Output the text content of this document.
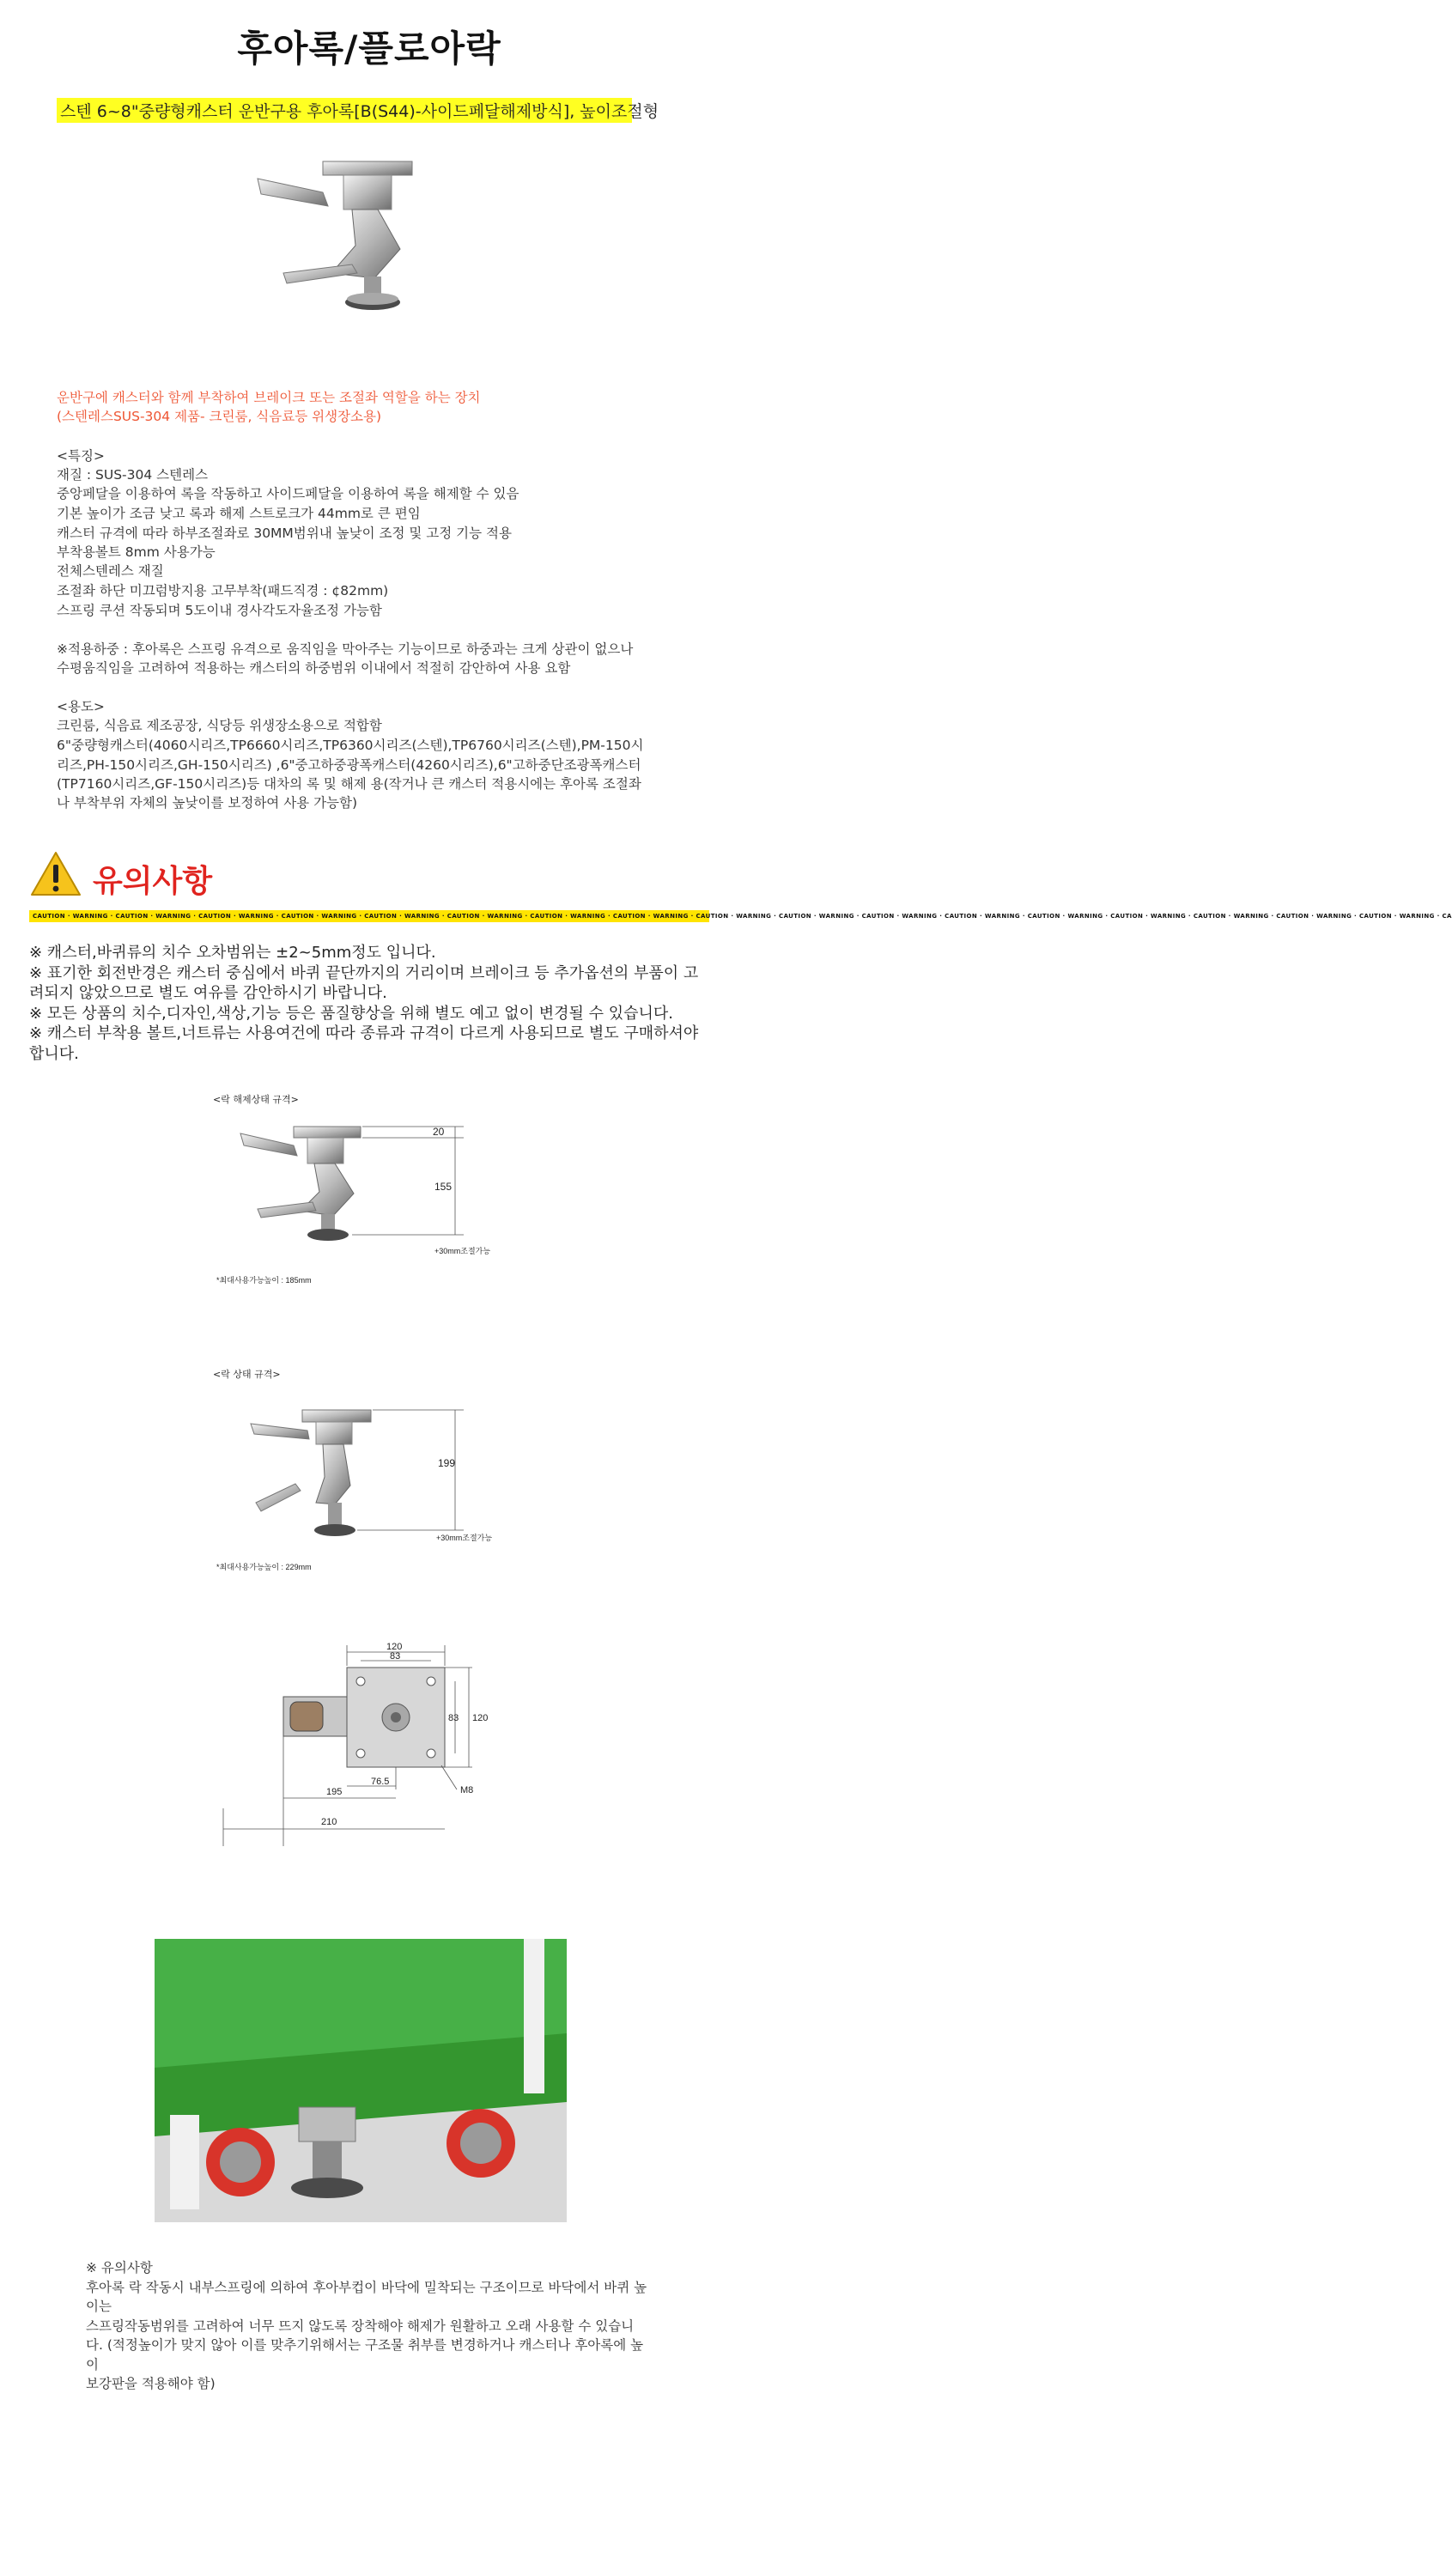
후아록/플로아락
스텐 6~8"중량형캐스터 운반구용 후아록[B(S44)-사이드페달해제방식], 높이조절형
운반구에 캐스터와 함께 부착하여 브레이크 또는 조절좌 역할을 하는 장치
(스텐레스SUS-304 제품- 크린룸, 식음료등 위생장소용)
<특징>
재질 : SUS-304 스텐레스
중앙페달을 이용하여 록을 작동하고 사이드페달을 이용하여 록을 해제할 수 있음
기본 높이가 조금 낮고 록과 해제 스트로크가 44mm로 큰 편임
캐스터 규격에 따라 하부조절좌로 30MM범위내 높낮이 조정 및 고정 기능 적용
부착용볼트 8mm 사용가능
전체스텐레스 재질
조절좌 하단 미끄럼방지용 고무부착(패드직경 : ¢82mm)
스프링 쿠션 작동되며 5도이내 경사각도자율조정 가능함
※적용하중 : 후아록은 스프링 유격으로 움직임을 막아주는 기능이므로 하중과는 크게 상관이 없으나
수평움직임을 고려하여 적용하는 캐스터의 하중범위 이내에서 적절히 감안하여 사용 요함
<용도>
크린룸, 식음료 제조공장, 식당등 위생장소용으로 적합함
6"중량형캐스터(4060시리즈,TP6660시리즈,TP6360시리즈(스텐),TP6760시리즈(스텐),PM-150시
리즈,PH-150시리즈,GH-150시리즈) ,6"중고하중광폭캐스터(4260시리즈),6"고하중단조광폭캐스터
(TP7160시리즈,GF-150시리즈)등 대차의 록 및 해제 용(작거나 큰 캐스터 적용시에는 후아록 조절좌
나 부착부위 자체의 높낮이를 보정하여 사용 가능함)
유의사항
CAUTION · WARNING · CAUTION · WARNING · CAUTION · WARNING · CAUTION · WARNING · CAUTION · WARNING · CAUTION · WARNING · CAUTION · WARNING · CAUTION · WARNING · CAUTION · WARNING · CAUTION · WARNING · CAUTION · WARNING · CAUTION · WARNING · CAUTION · WARNING · CAUTION · WARNING · CAUTION · WARNING · CAUTION · WARNING · CAUTION · WARNING · CA

※ 캐스터,바퀴류의 치수 오차범위는 ±2~5mm정도 입니다.

※ 표기한 회전반경은 캐스터 중심에서 바퀴 끝단까지의 거리이며 브레이크 등 추가옵션의 부품이 고려되지 않았으므로 별도 여유를 감안하시기 바랍니다.

※ 모든 상품의 치수,디자인,색상,기능 등은 품질향상을 위해 별도 예고 없이 변경될 수 있습니다.

※ 캐스터 부착용 볼트,너트류는 사용여건에 따라 종류과 규격이 다르게 사용되므로 별도 구매하셔야 합니다.

<락 해제상태 규격>
20
155
+30mm조절가능
*최대사용가능높이 : 185mm
<락 상태 규격>
199
+30mm조절가능
*최대사용가능높이 : 229mm
120
83
83 120
76.5
195	M8
210

※ 유의사항

후아록 락 작동시 내부스프링에 의하여 후아부컵이 바닥에 밀착되는 구조이므로 바닥에서 바퀴 높이는

스프링작동범위를 고려하여 너무 뜨지 않도록 장착해야 해제가 원활하고 오래 사용할 수 있습니

다. (적정높이가 맞지 않아 이를 맞추기위해서는 구조물 취부를 변경하거나 캐스터나 후아록에 높이

보강판을 적용해야 함)
